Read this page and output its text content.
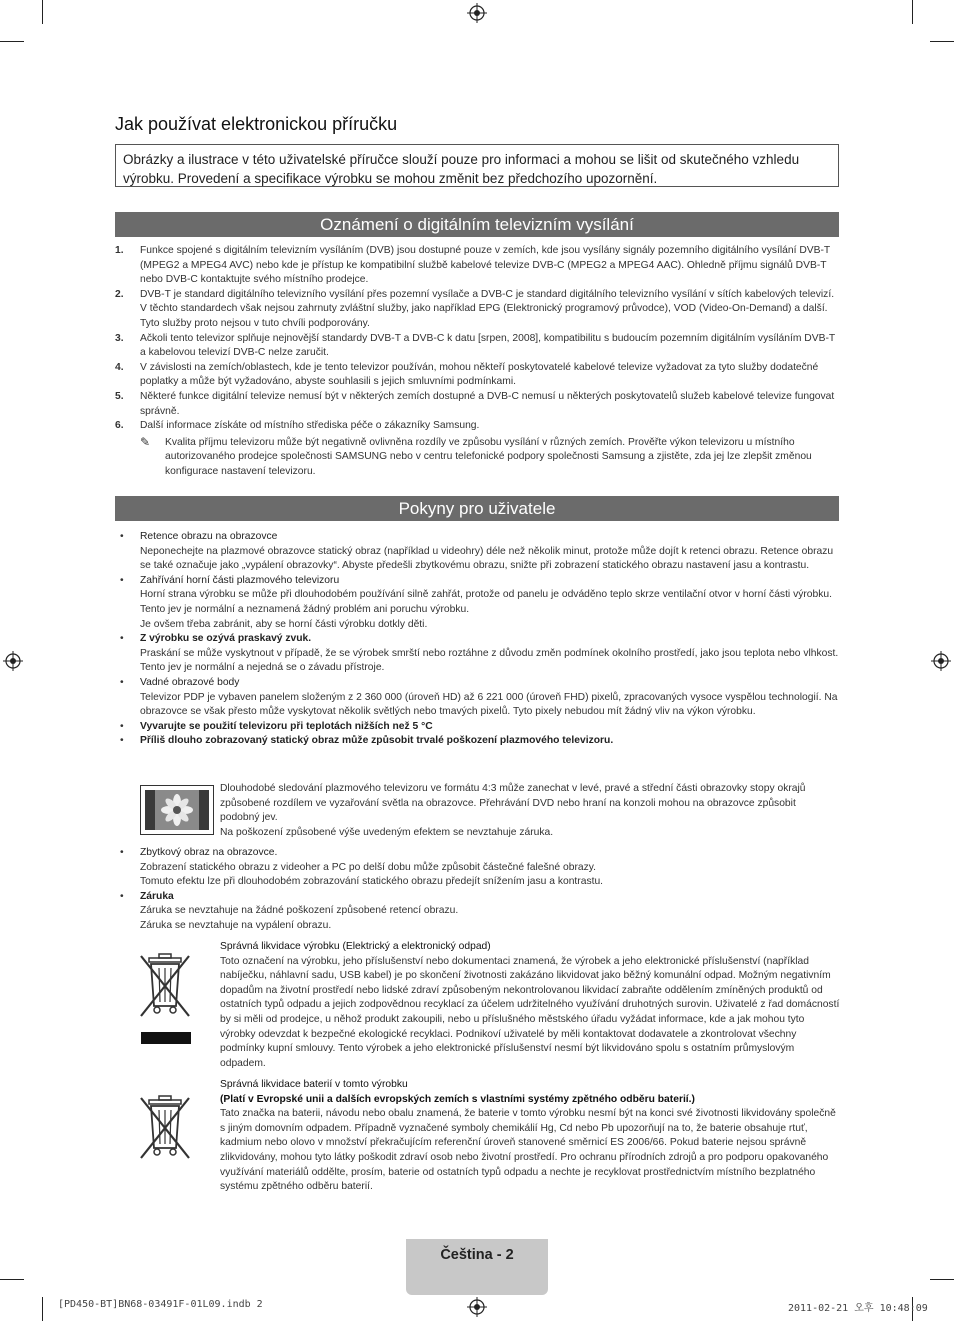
Jak používat elektronickou příručku
Obrázky a ilustrace v této uživatelské příručce slouží pouze pro informaci a mohou se lišit od skutečného vzhledu výrobku. Provedení a specifikace výrobku se mohou změnit bez předchozího upozornění.
Oznámení o digitálním televizním vysílání
1. Funkce spojené s digitálním televizním vysíláním (DVB) jsou dostupné pouze v zemích, kde jsou vysílány signály pozemního digitálního vysílání DVB-T (MPEG2 a MPEG4 AVC) nebo kde je přístup ke kompatibilní službě kabelové televize DVB-C (MPEG2 a MPEG4 AAC). Ohledně příjmu signálů DVB-T nebo DVB-C kontaktujte svého místního prodejce.
2. DVB-T je standard digitálního televizního vysílání přes pozemní vysílače a DVB-C je standard digitálního televizního vysílání v sítích kabelových televizí. V těchto standardech však nejsou zahrnuty zvláštní služby, jako například EPG (Elektronický programový průvodce), VOD (Video-On-Demand) a další. Tyto služby proto nejsou v tuto chvíli podporovány.
3. Ačkoli tento televizor splňuje nejnovější standardy DVB-T a DVB-C k datu [srpen, 2008], kompatibilitu s budoucím pozemním digitálním vysíláním DVB-T a kabelovou televizí DVB-C nelze zaručit.
4. V závislosti na zemích/oblastech, kde je tento televizor používán, mohou někteří poskytovatelé kabelové televize vyžadovat za tyto služby dodatečné poplatky a může být vyžadováno, abyste souhlasili s jejich smluvními podmínkami.
5. Některé funkce digitální televize nemusí být v některých zemích dostupné a DVB-C nemusí u některých poskytovatelů služeb kabelové televize fungovat správně.
6. Další informace získáte od místního střediska péče o zákazníky Samsung.
✎ Kvalita příjmu televizoru může být negativně ovlivněna rozdíly ve způsobu vysílání v různých zemích. Prověřte výkon televizoru u místního autorizovaného prodejce společnosti SAMSUNG nebo v centru telefonické podpory společnosti Samsung a zjistěte, zda jej lze zlepšit změnou konfigurace nastavení televizoru.
Pokyny pro uživatele
• Retence obrazu na obrazovce
Neponechejte na plazmové obrazovce statický obraz (například u videohry) déle než několik minut, protože může dojít k retenci obrazu. Retence obrazu se také označuje jako „vypálení obrazovky“. Abyste předešli zbytkovému obrazu, snižte při zobrazení statického obrazu nastavení jasu a kontrastu.
• Zahřívání horní části plazmového televizoru
Horní strana výrobku se může při dlouhodobém používání silně zahřát, protože od panelu je odváděno teplo skrze ventilační otvor v horní části výrobku.
Tento jev je normální a neznamená žádný problém ani poruchu výrobku.
Je ovšem třeba zabránit, aby se horní části výrobku dotkly děti.
• Z výrobku se ozývá praskavý zvuk.
Praskání se může vyskytnout v případě, že se výrobek smrští nebo roztáhne z důvodu změn podmínek okolního prostředí, jako jsou teplota nebo vlhkost. Tento jev je normální a nejedná se o závadu přístroje.
• Vadné obrazové body
Televizor PDP je vybaven panelem složeným z 2 360 000 (úroveň HD) až 6 221 000 (úroveň FHD) pixelů, zpracovaných vysoce vyspělou technologií. Na obrazovce se však přesto může vyskytovat několik světlých nebo tmavých pixelů. Tyto pixely nebudou mít žádný vliv na výkon výrobku.
• Vyvarujte se použití televizoru při teplotách nižších než 5 °C
• Příliš dlouho zobrazovaný statický obraz může způsobit trvalé poškození plazmového televizoru.
Dlouhodobé sledování plazmového televizoru ve formátu 4:3 může zanechat v levé, pravé a střední části obrazovky stopy okrajů způsobené rozdílem ve vyzařování světla na obrazovce. Přehrávání DVD nebo hraní na konzoli mohou na obrazovce způsobit podobný jev.
Na poškození způsobené výše uvedeným efektem se nevztahuje záruka.
• Zbytkový obraz na obrazovce.
Zobrazení statického obrazu z videoher a PC po delší dobu může způsobit částečné falešné obrazy.
Tomuto efektu lze při dlouhodobém zobrazování statického obrazu předejít snížením jasu a kontrastu.
• Záruka
Záruka se nevztahuje na žádné poškození způsobené retencí obrazu.
Záruka se nevztahuje na vypálení obrazu.
Správná likvidace výrobku (Elektrický a elektronický odpad)
Toto označení na výrobku, jeho příslušenství nebo dokumentaci znamená, že výrobek a jeho elektronické příslušenství (například nabíječku, náhlavní sadu, USB kabel) je po skončení životnosti zakázáno likvidovat jako běžný komunální odpad. Možným negativním dopadům na životní prostředí nebo lidské zdraví způsobeným nekontrolovanou likvidací zabraňte oddělením zmíněných produktů od ostatních typů odpadu a jejich zodpovědnou recyklací za účelem udržitelného využívání druhotných surovin. Uživatelé z řad domácností by si měli od prodejce, u něhož produkt zakoupili, nebo u příslušného městského úřadu vyžádat informace, kde a jak mohou tyto výrobky odevzdat k bezpečné ekologické recyklaci. Podnikoví uživatelé by měli kontaktovat dodavatele a zkontrolovat všechny podmínky kupní smlouvy. Tento výrobek a jeho elektronické příslušenství nesmí být likvidováno spolu s ostatním průmyslovým odpadem.
Správná likvidace baterií v tomto výrobku
(Platí v Evropské unii a dalších evropských zemích s vlastními systémy zpětného odběru baterií.)
Tato značka na baterii, návodu nebo obalu znamená, že baterie v tomto výrobku nesmí být na konci své životnosti likvidovány společně s jiným domovním odpadem. Případně vyznačené symboly chemikálií Hg, Cd nebo Pb upozorňují na to, že baterie obsahuje rtuť, kadmium nebo olovo v množství překračujícím referenční úroveň stanovené směrnicí ES 2006/66. Pokud baterie nejsou správně zlikvidovány, mohou tyto látky poškodit zdraví osob nebo životní prostředí. Pro ochranu přírodních zdrojů a pro podporu opakovaného využívání materiálů oddělte, prosím, baterie od ostatních typů odpadu a nechte je recyklovat prostřednictvím místního bezplatného systému zpětného odběru baterií.
Čeština - 2
[PD450-BT]BN68-03491F-01L09.indb 2	2011-02-21 오후 10:48:09
